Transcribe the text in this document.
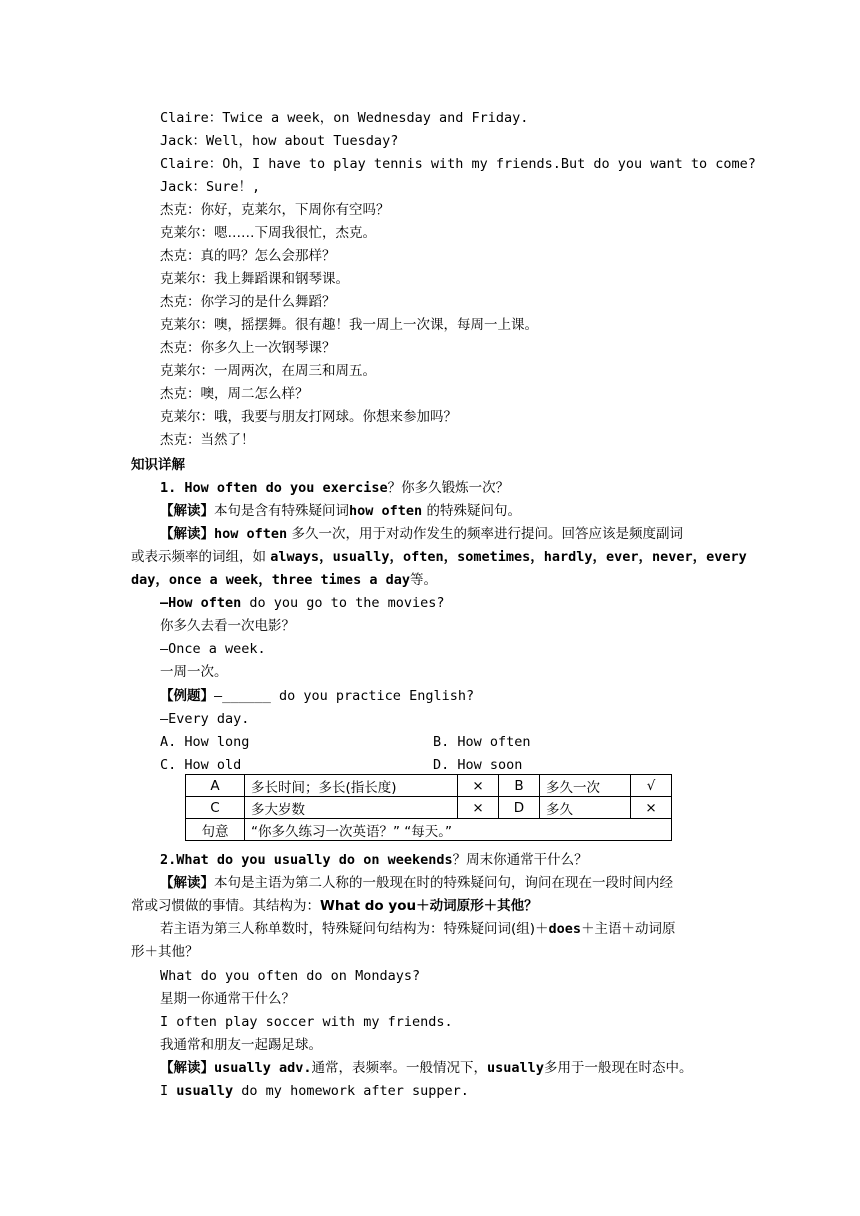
Claire：Twice a week，on Wednesday and Friday.
Jack：Well，how about Tuesday?
Claire：Oh，I have to play tennis with my friends.But do you want to come?
Jack：Sure！,
杰克：你好，克莱尔，下周你有空吗？
克莱尔：嗯……下周我很忙，杰克。
杰克：真的吗？怎么会那样？
克莱尔：我上舞蹈课和钢琴课。
杰克：你学习的是什么舞蹈？
克莱尔：噢，摇摆舞。很有趣！我一周上一次课，每周一上课。
杰克：你多久上一次钢琴课？
克莱尔：一周两次，在周三和周五。
杰克：噢，周二怎么样？
克莱尔：哦，我要与朋友打网球。你想来参加吗？
杰克：当然了！
知识详解
1. How often do you exercise？你多久锻炼一次？
【解读】本句是含有特殊疑问词how often 的特殊疑问句。
【解读】how often 多久一次，用于对动作发生的频率进行提问。回答应该是频度副词
或表示频率的词组，如 always，usually，often，sometimes，hardly，ever，never，every
day，once a week，three times a day等。
—How often do you go to the movies?
你多久去看一次电影？
—Once a week.
一周一次。
【例题】—______ do you practice English?
—Every day.
A. How long	B. How often
C. How old	D. How soon
A	多长时间；多长(指长度)	×	B	多久一次	√
C	多大岁数	×	D	多久	×
句意	“你多久练习一次英语？” “每天。”				
2.What do you usually do on weekends？周末你通常干什么？
【解读】本句是主语为第二人称的一般现在时的特殊疑问句，询问在现在一段时间内经
常或习惯做的事情。其结构为：What do you＋动词原形＋其他？
若主语为第三人称单数时，特殊疑问句结构为：特殊疑问词(组)＋does＋主语＋动词原
形＋其他？
What do you often do on Mondays?
星期一你通常干什么？
I often play soccer with my friends.
我通常和朋友一起踢足球。
【解读】usually adv.通常，表频率。一般情况下，usually多用于一般现在时态中。
I usually do my homework after supper.
